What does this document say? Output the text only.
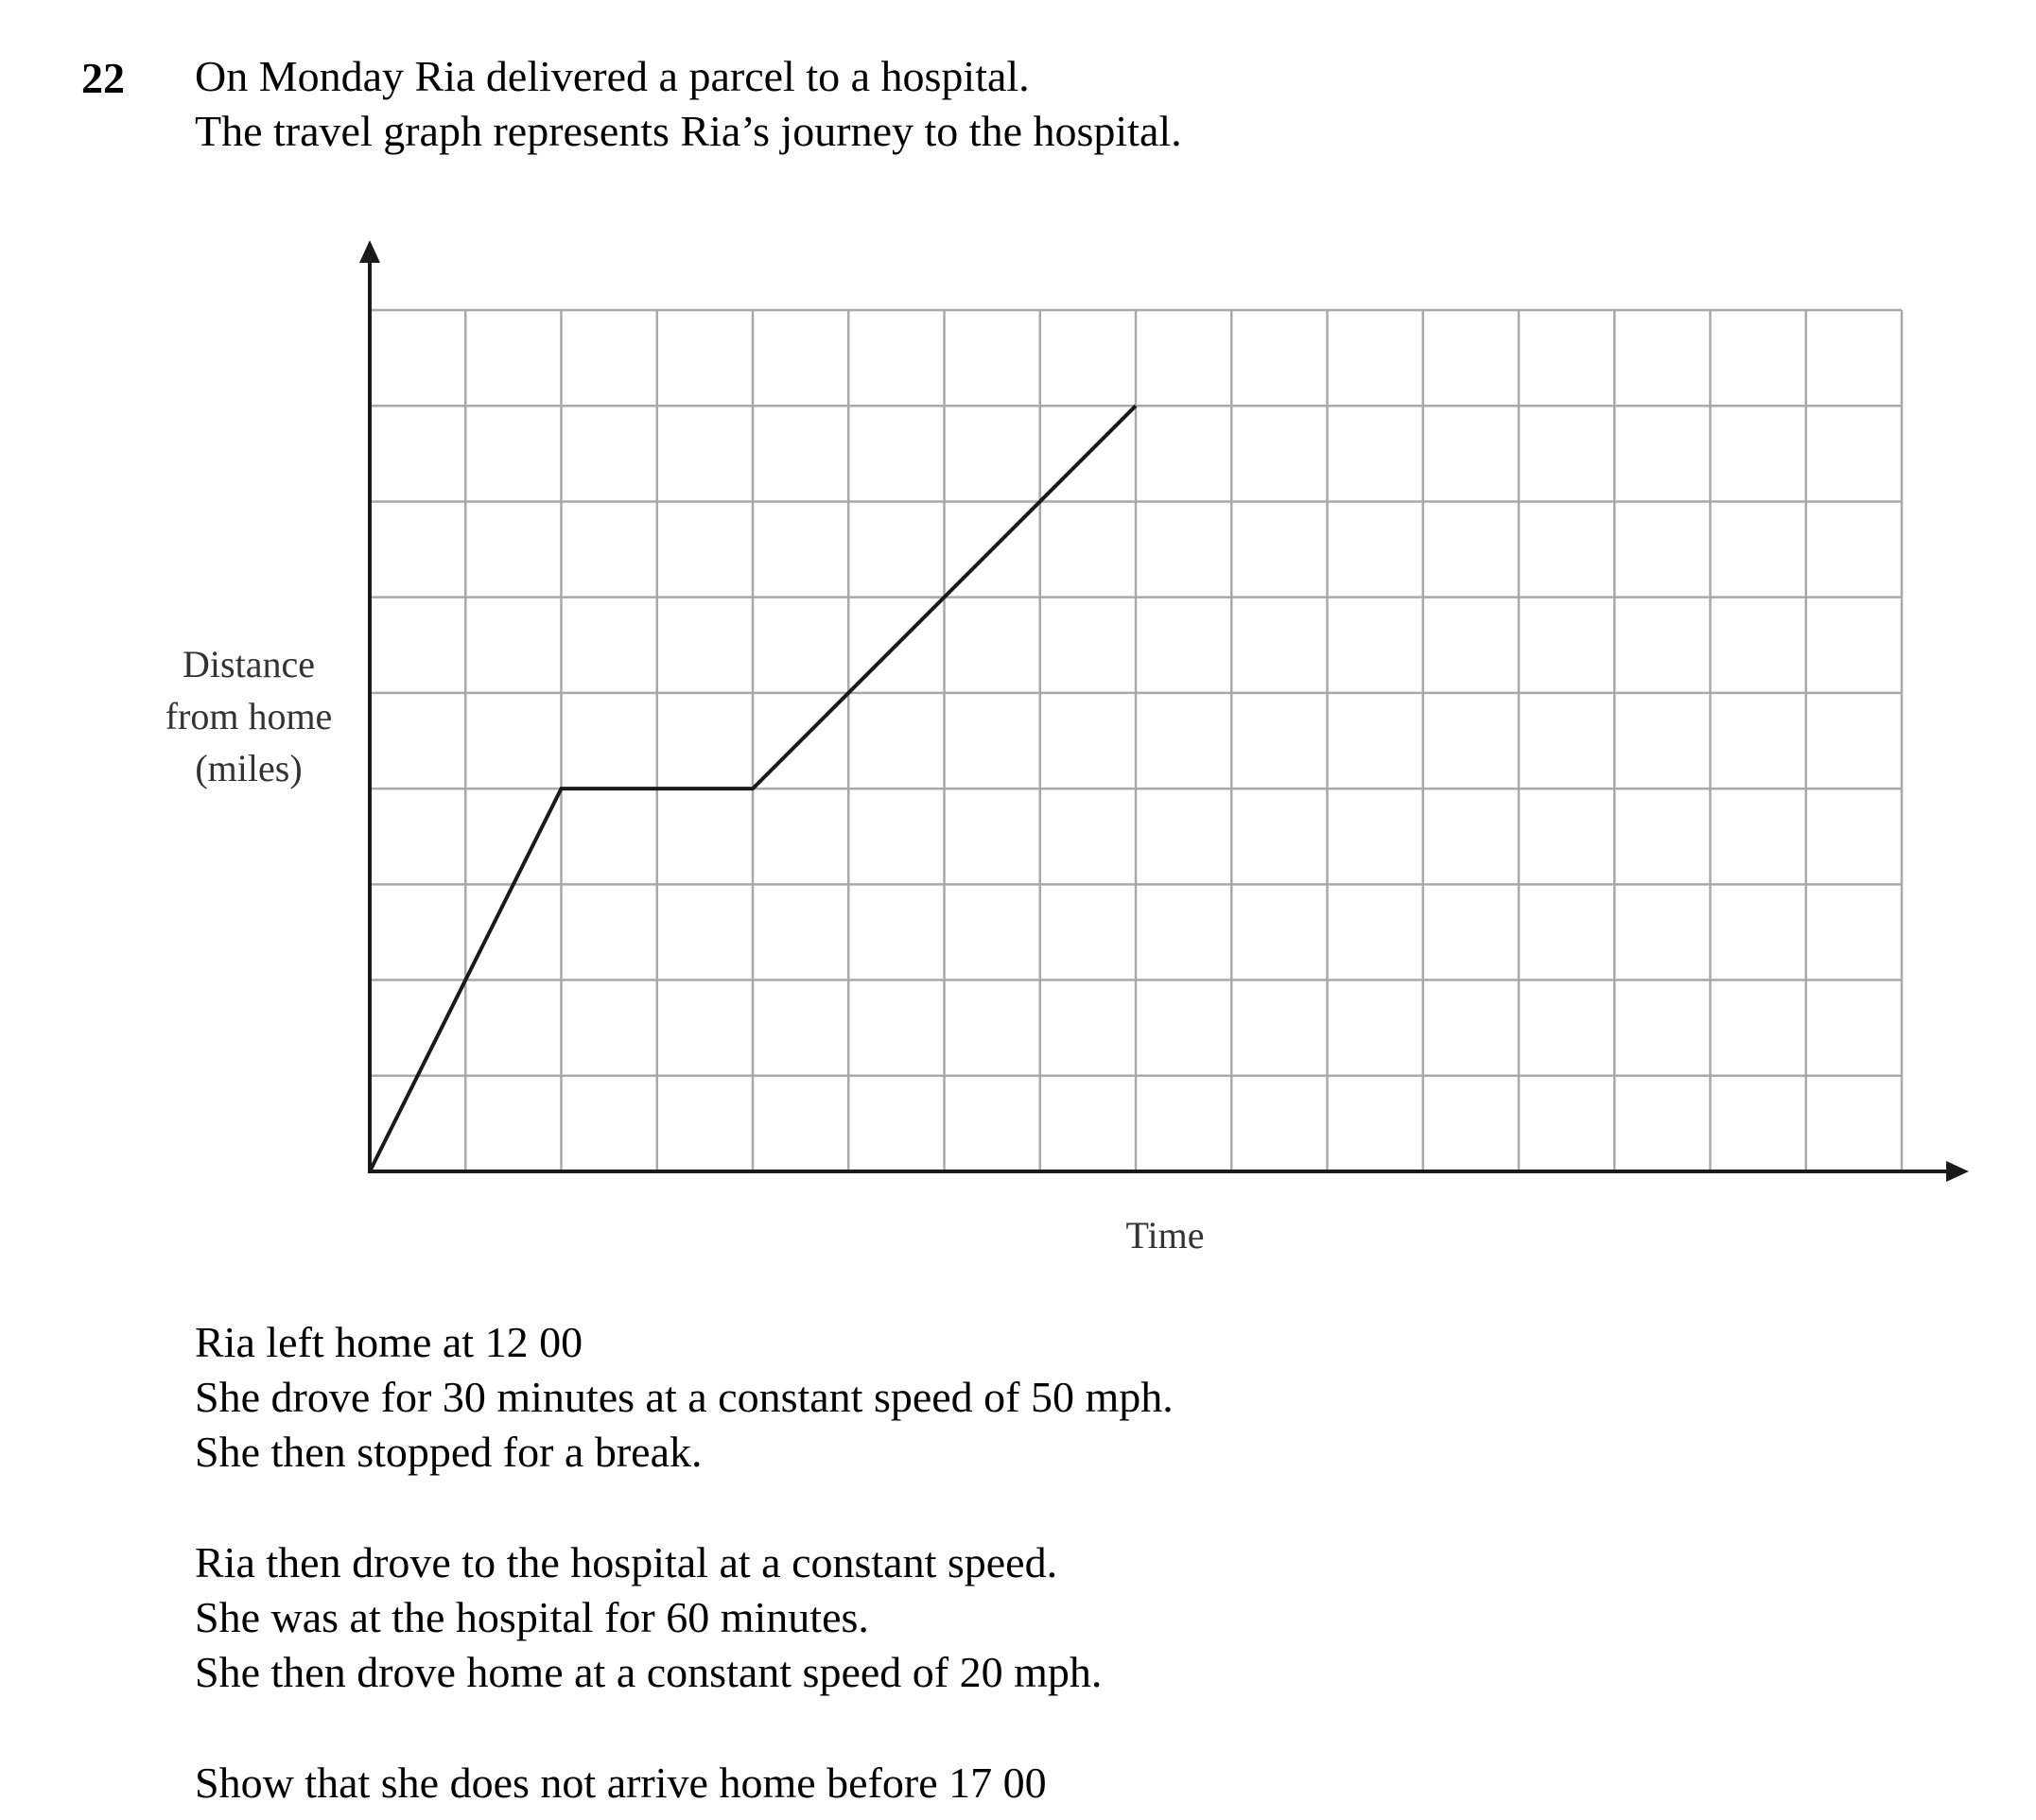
22 On Monday Ria delivered a parcel to a hospital.
The travel graph represents Ria’s journey to the hospital.
Distance
from home
(miles)
Time
Ria left home at 12 00
She drove for 30 minutes at a constant speed of 50 mph.
She then stopped for a break.
Ria then drove to the hospital at a constant speed.
She was at the hospital for 60 minutes.
She then drove home at a constant speed of 20 mph.
Show that she does not arrive home before 17 00
